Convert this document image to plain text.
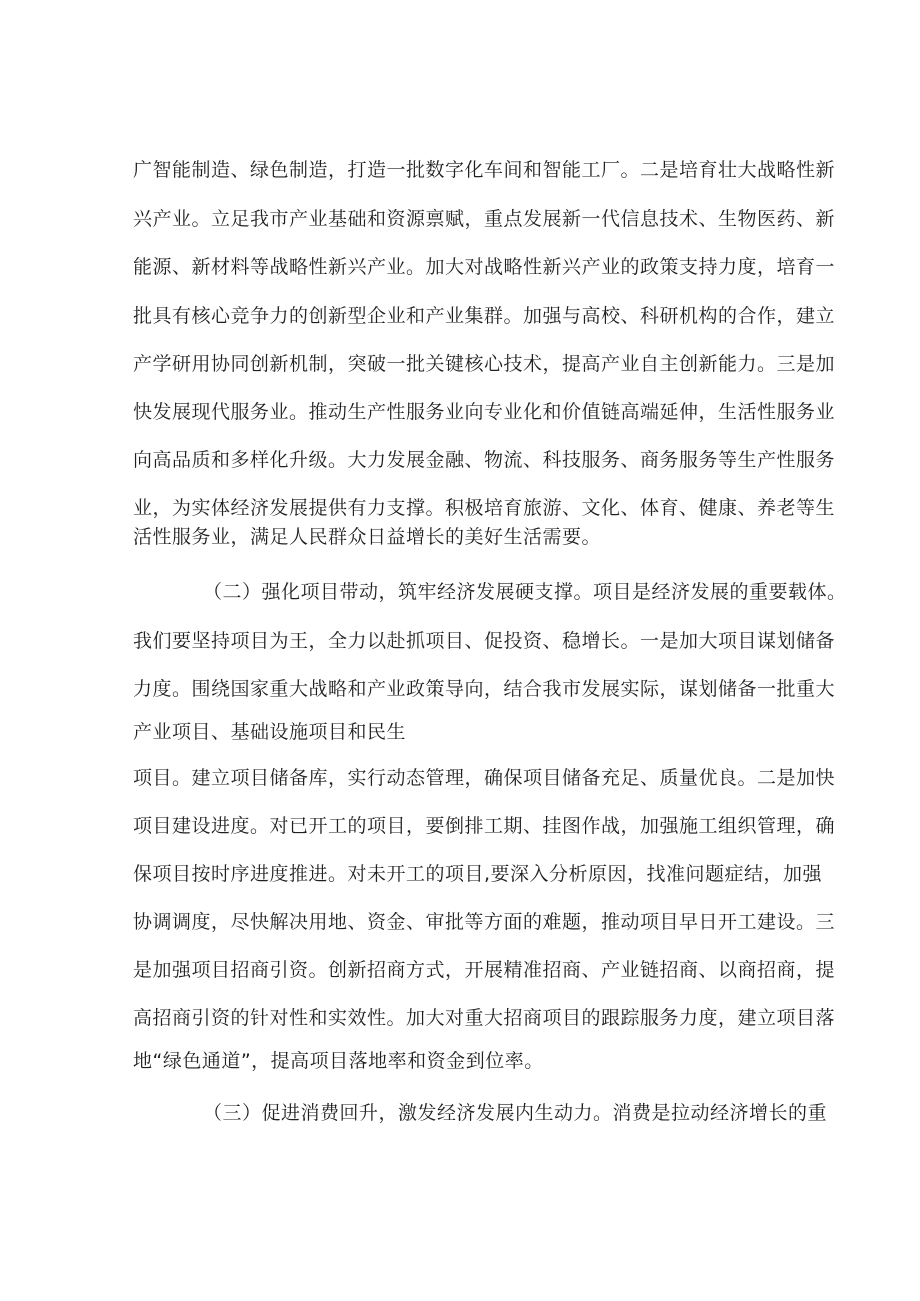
广智能制造、绿色制造，打造一批数字化车间和智能工厂。二是培育壮大战略性新
兴产业。立足我市产业基础和资源禀赋，重点发展新一代信息技术、生物医药、新
能源、新材料等战略性新兴产业。加大对战略性新兴产业的政策支持力度，培育一
批具有核心竞争力的创新型企业和产业集群。加强与高校、科研机构的合作，建立
产学研用协同创新机制，突破一批关键核心技术，提高产业自主创新能力。三是加
快发展现代服务业。推动生产性服务业向专业化和价值链高端延伸，生活性服务业
向高品质和多样化升级。大力发展金融、物流、科技服务、商务服务等生产性服务
业，为实体经济发展提供有力支撑。积极培育旅游、文化、体育、健康、养老等生
活性服务业，满足人民群众日益增长的美好生活需要。
（二）强化项目带动，筑牢经济发展硬支撑。项目是经济发展的重要载体。
我们要坚持项目为王，全力以赴抓项目、促投资、稳增长。一是加大项目谋划储备
力度。围绕国家重大战略和产业政策导向，结合我市发展实际，谋划储备一批重大
产业项目、基础设施项目和民生
项目。建立项目储备库，实行动态管理，确保项目储备充足、质量优良。二是加快
项目建设进度。对已开工的项目，要倒排工期、挂图作战，加强施工组织管理，确
保项目按时序进度推进。对未开工的项目,要深入分析原因，找准问题症结，加强
协调调度，尽快解决用地、资金、审批等方面的难题，推动项目早日开工建设。三
是加强项目招商引资。创新招商方式，开展精准招商、产业链招商、以商招商，提
高招商引资的针对性和实效性。加大对重大招商项目的跟踪服务力度，建立项目落
地“绿色通道”，提高项目落地率和资金到位率。
（三）促进消费回升，激发经济发展内生动力。消费是拉动经济增长的重
